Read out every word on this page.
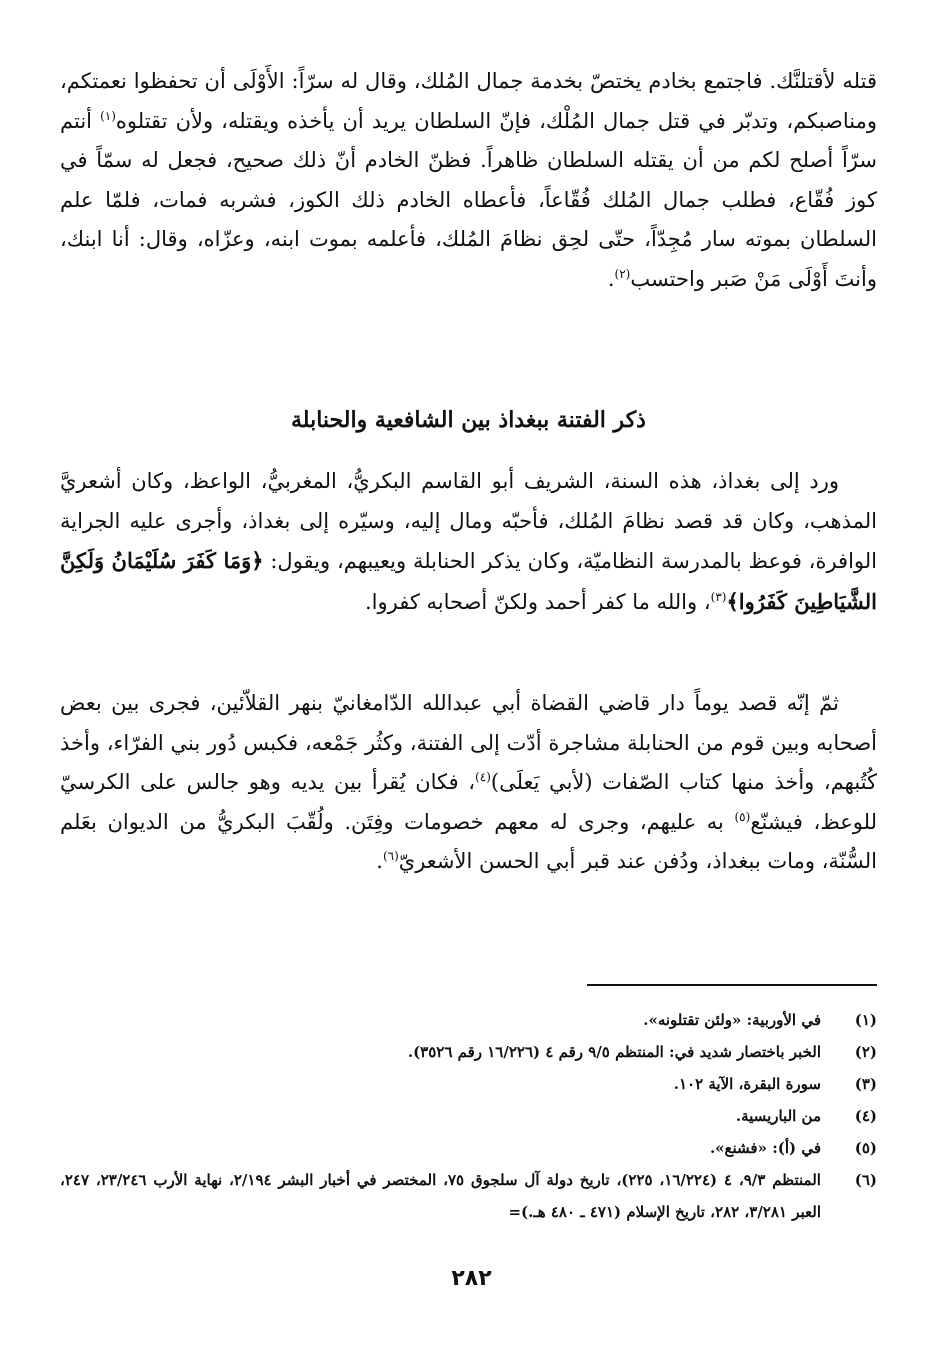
قتله لأقتلنَّك. فاجتمع بخادم يختصّ بخدمة جمال المُلك، وقال له سرّاً: الأَوْلَى أن تحفظوا نعمتكم، ومناصبكم، وتدبّر في قتل جمال المُلْك، فإنّ السلطان يريد أن يأخذه ويقتله، ولأن تقتلوه$^{(١)}$ أنتم سرّاً أصلح لكم من أن يقتله السلطان ظاهراً. فظنّ الخادم أنّ ذلك صحيح، فجعل له سمّاً في كوز فُقّاع، فطلب جمال المُلك فُقّاعاً، فأعطاه الخادم ذلك الكوز، فشربه فمات، فلمّا علم السلطان بموته سار مُجِدّاً، حتّى لحِق نظامَ المُلك، فأعلمه بموت ابنه، وعزّاه، وقال: أنا ابنك، وأنتَ أَوْلَى مَنْ صَبر واحتسب$^{(٢)}$.

ذكر الفتنة ببغداذ بين الشافعية والحنابلة

ورد إلى بغداذ، هذه السنة، الشريف أبو القاسم البكريُّ، المغربيُّ، الواعظ، وكان أشعريَّ المذهب، وكان قد قصد نظامَ المُلك، فأحبّه ومال إليه، وسيّره إلى بغداذ، وأجرى عليه الجراية الوافرة، فوعظ بالمدرسة النظاميّة، وكان يذكر الحنابلة ويعيبهم، ويقول: ﴿وَمَا كَفَرَ سُلَيْمَانُ وَلَكِنَّ الشَّيَاطِينَ كَفَرُوا﴾$^{(٣)}$، والله ما كفر أحمد ولكنّ أصحابه كفروا.

ثمّ إنّه قصد يوماً دار قاضي القضاة أبي عبدالله الدّامغانيّ بنهر القلاّئين، فجرى بين بعض أصحابه وبين قوم من الحنابلة مشاجرة أدّت إلى الفتنة، وكثُر جَمْعه، فكبس دُور بني الفرّاء، وأخذ كُتُبهم، وأخذ منها كتاب الصّفات (لأبي يَعلَى)$^{(٤)}$، فكان يُقرأ بين يديه وهو جالس على الكرسيّ للوعظ، فيشنّع$^{(٥)}$ به عليهم، وجرى له معهم خصومات وفِتَن. ولُقّبَ البكريُّ من الديوان بعَلم السُّنّة، ومات ببغداذ، ودُفن عند قبر أبي الحسن الأشعريّ$^{(٦)}$.

(١)
في الأوربية: «ولئن تقتلونه».
(٢)
الخبر باختصار شديد في: المنتظم ٩/٥ رقم ٤ (١٦/٢٢٦ رقم ٣٥٢٦).
(٣)
سورة البقرة، الآية ١٠٢.
(٤)
من الباريسية.
(٥)
في (أ): «فشنع».
(٦)
المنتظم ٩/٣، ٤ (١٦/٢٢٤، ٢٢٥)، تاريخ دولة آل سلجوق ٧٥، المختصر في أخبار البشر ٢/١٩٤، نهاية الأرب ٢٣/٢٤٦، ٢٤٧، العبر ٣/٢٨١، ٢٨٢، تاريخ الإسلام (٤٧١ ـ ٤٨٠ هـ.)=
٢٨٢
